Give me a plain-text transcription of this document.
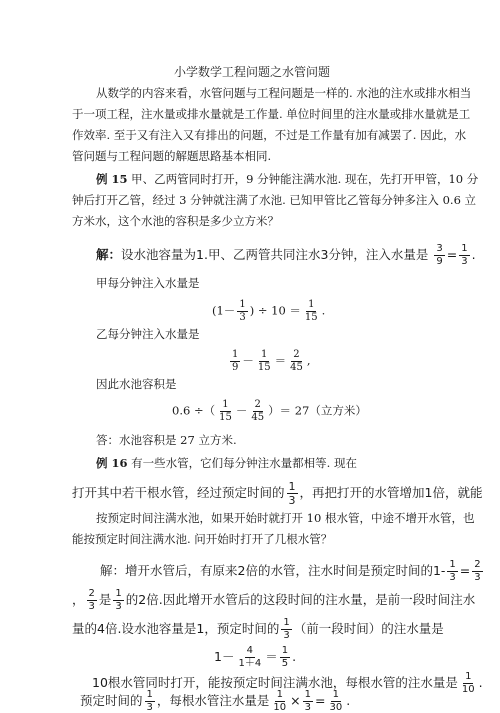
小学数学工程问题之水管问题
从数学的内容来看，水管问题与工程问题是一样的. 水池的注水或排水相当
于一项工程，注水量或排水量就是工作量. 单位时间里的注水量或排水量就是工
作效率. 至于又有注入又有排出的问题，不过是工作量有加有减罢了. 因此，水
管问题与工程问题的解题思路基本相同.
例 15 甲、乙两管同时打开，9 分钟能注满水池. 现在，先打开甲管，10 分
钟后打开乙管，经过 3 分钟就注满了水池. 已知甲管比乙管每分钟多注入 0.6 立
方米水，这个水池的容积是多少立方米？
解：设水池容量为1.甲、乙两管共同注水3分钟，注入水量是 $\frac{3}{9} = \frac{1}{3}$ .
甲每分钟注入水量是
($1- \frac{1}{3}$ ) ÷ $10 = \frac{1}{15}$ .
乙每分钟注入水量是
$\frac{1}{9} - \frac{1}{15} = \frac{2}{45}$ ,
因此水池容积是
0.6 ÷（ $\frac{1}{15} - \frac{2}{45}$ ）＝ 27（立方米）
答：水池容积是 27 立方米.
例 16 有一些水管，它们每分钟注水量都相等. 现在
打开其中若干根水管，经过预定时间的 $\frac{1}{3}$ ，再把打开的水管增加1倍，就能
按预定时间注满水池，如果开始时就打开 10 根水管，中途不增开水管，也
能按预定时间注满水池. 问开始时打开了几根水管？
解：增开水管后，有原来2倍的水管，注水时间是预定时间的$1- \frac{1}{3} = \frac{2}{3}$
， $\frac{2}{3}$ 是 $\frac{1}{3}$ 的2倍.因此增开水管后的这段时间的注水量，是前一段时间注水
量的4倍.设水池容量是1，预定时间的 $\frac{1}{3}$ （前一段时间）的注水量是
$1- \frac{4}{1+4} = \frac{1}{5}$ .
10根水管同时打开，能按预定时间注满水池，每根水管的注水量是 $\frac{1}{10}$ .
预定时间的 $\frac{1}{3}$ ，每根水管注水量是 $\frac{1}{10} \times \frac{1}{3} = \frac{1}{30}$ .
